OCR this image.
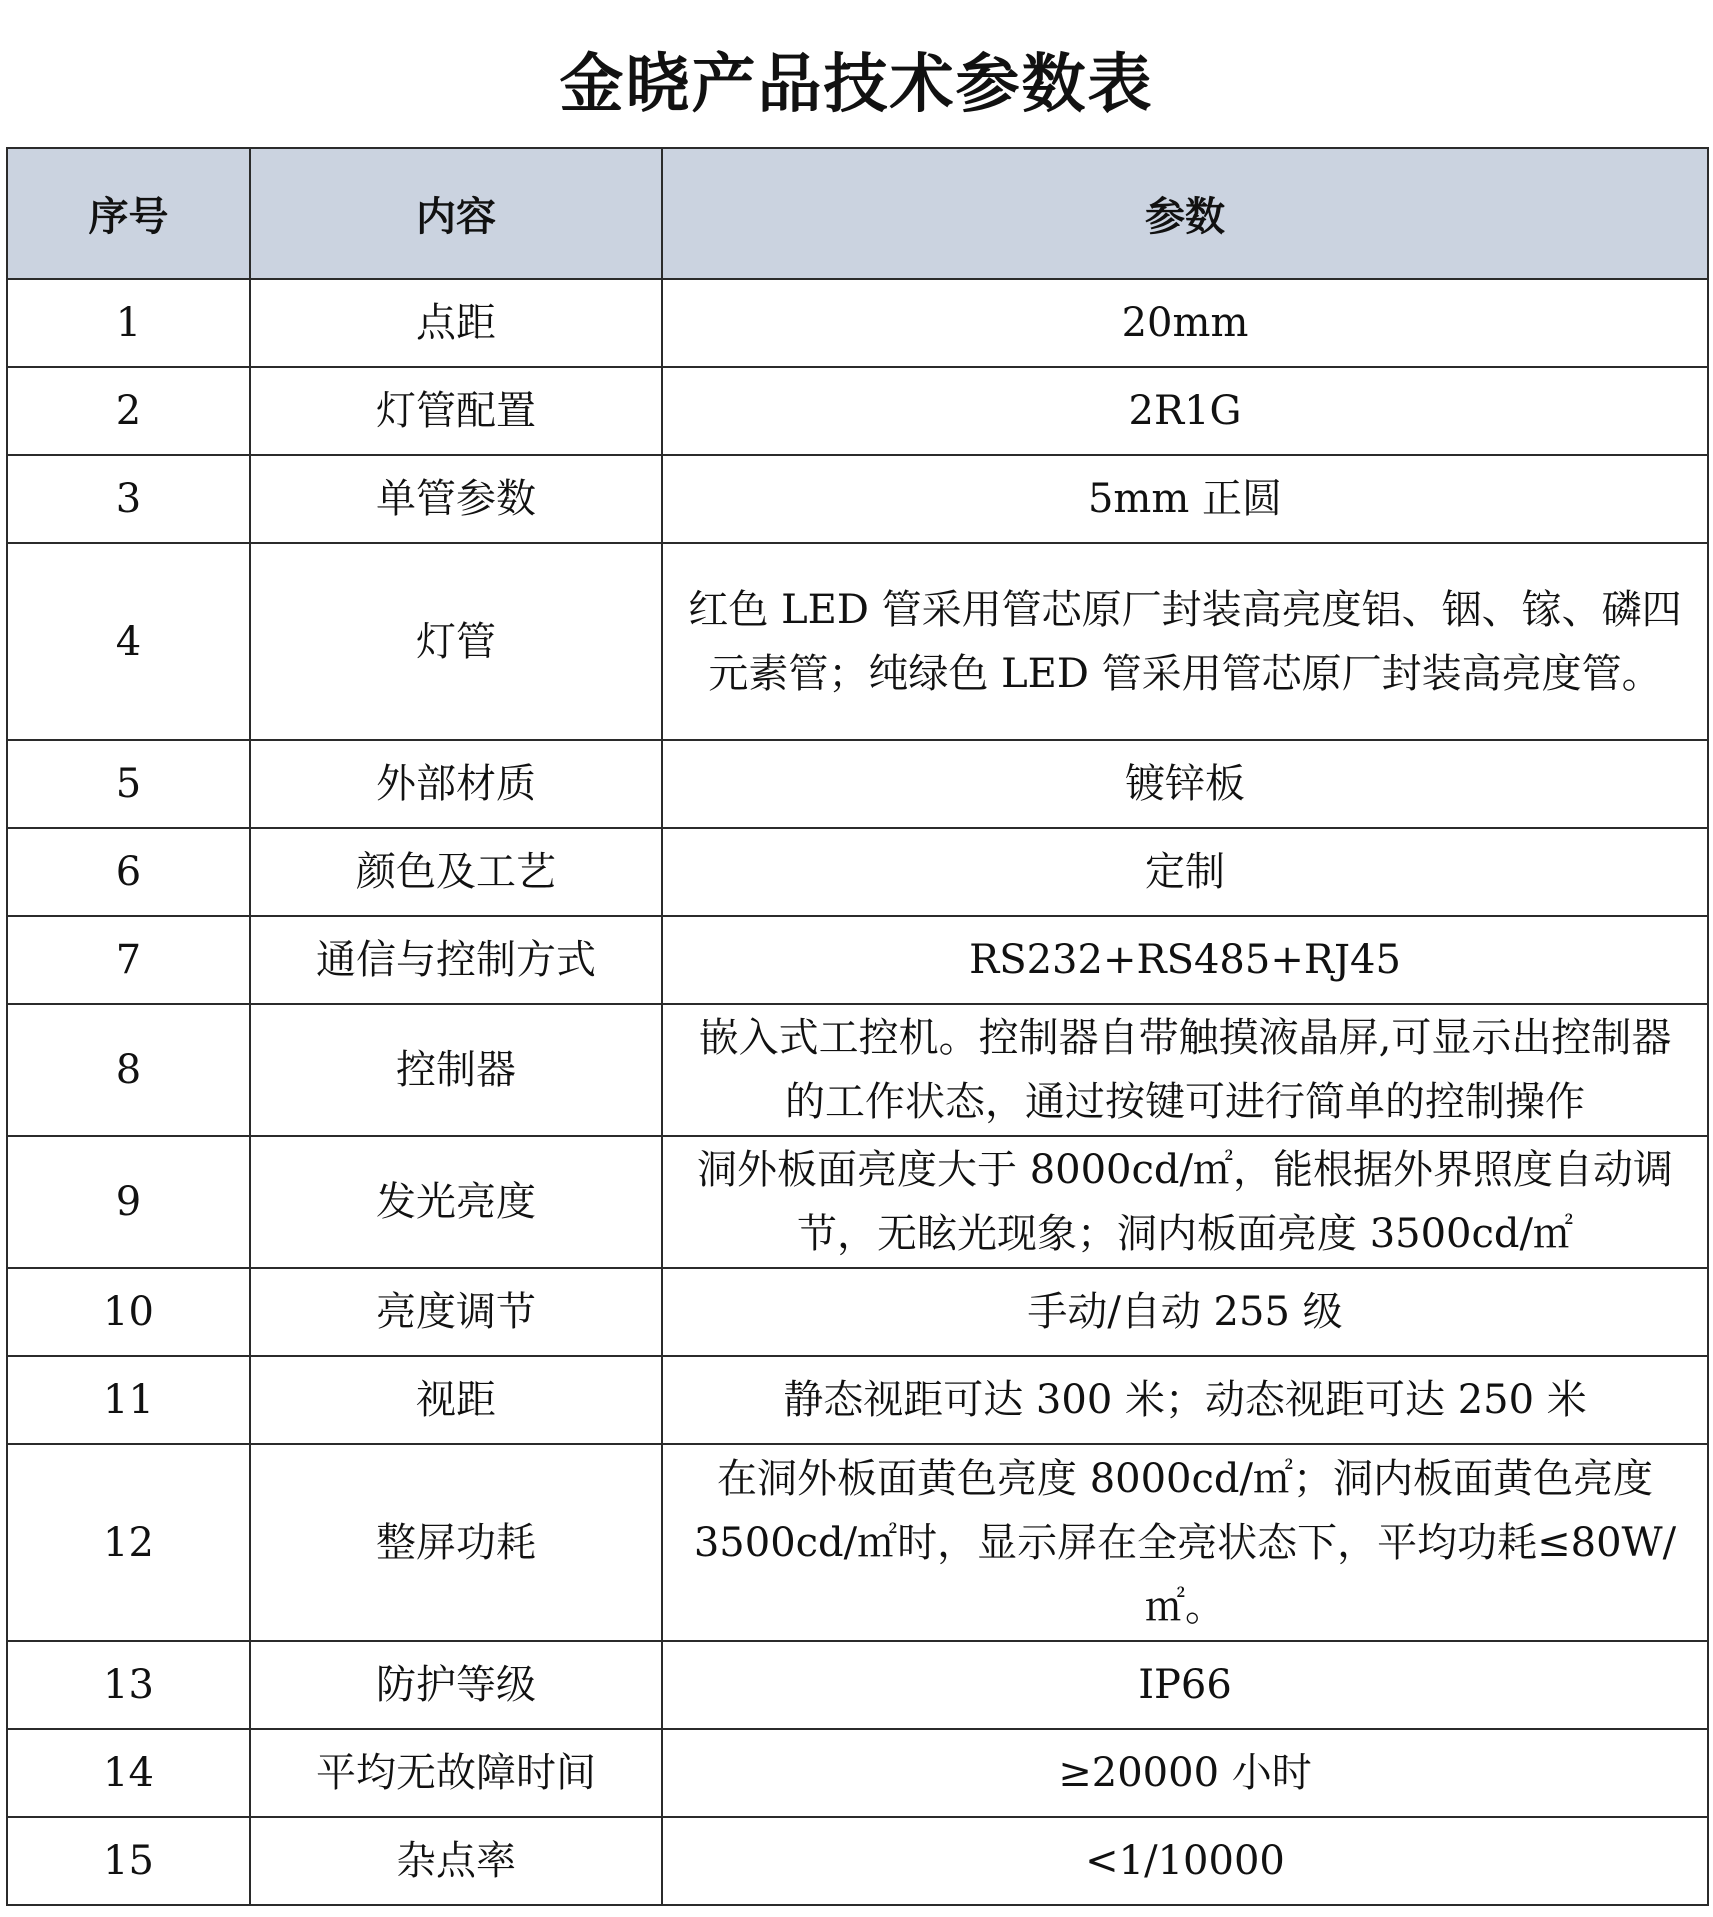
金晓产品技术参数表
序号	内容	参数
1	点距	20mm
2	灯管配置	2R1G
3	单管参数	5mm 正圆
4	灯管	红色 LED 管采用管芯原厂封装高亮度铝、铟、镓、磷四元素管；纯绿色 LED 管采用管芯原厂封装高亮度管。
5	外部材质	镀锌板
6	颜色及工艺	定制
7	通信与控制方式	RS232+RS485+RJ45
8	控制器	嵌入式工控机。控制器自带触摸液晶屏,可显示出控制器的工作状态，通过按键可进行简单的控制操作
9	发光亮度	洞外板面亮度大于 8000cd/㎡，能根据外界照度自动调节，无眩光现象；洞内板面亮度 3500cd/㎡
10	亮度调节	手动/自动 255 级
11	视距	静态视距可达 300 米；动态视距可达 250 米
12	整屏功耗	在洞外板面黄色亮度 8000cd/㎡；洞内板面黄色亮度 3500cd/㎡时，显示屏在全亮状态下，平均功耗≤80W/㎡。
13	防护等级	IP66
14	平均无故障时间	≥20000 小时
15	杂点率	<1/10000
